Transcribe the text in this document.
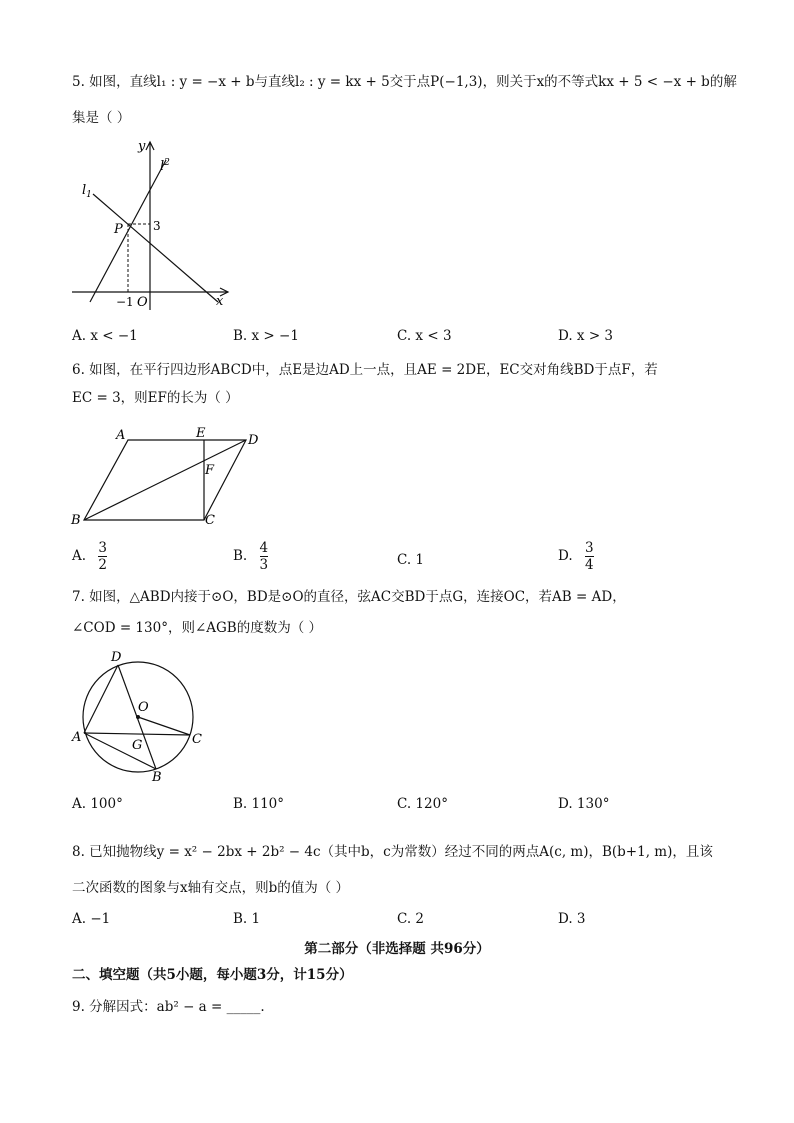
5. 如图，直线l₁ : y = −x + b与直线l₂ : y = kx + 5交于点P(−1,3)，则关于x的不等式kx + 5 < −x + b的解
集是（ ）
$l_1$
$l^2$
y
x
P	3
−1 O
A. x < −1	B. x > −1	C. x < 3	D. x > 3
6. 如图，在平行四边形ABCD中，点E是边AD上一点，且AE = 2DE，EC交对角线BD于点F，若
EC = 3，则EF的长为（ ）
A	E	D
F
B	C
A. $\frac{3}{2}$	B. $\frac{4}{3}$	C. 1	D. $\frac{3}{4}$
7. 如图，△ABD内接于⊙O，BD是⊙O的直径，弦AC交BD于点G，连接OC，若AB = AD，
∠COD = 130°，则∠AGB的度数为（ ）
D
O
A
G	C
B
A. 100°	B. 110°	C. 120°	D. 130°
8. 已知抛物线y = x² − 2bx + 2b² − 4c（其中b，c为常数）经过不同的两点A(c, m)，B(b+1, m)，且该
二次函数的图象与x轴有交点，则b的值为（ ）
A. −1	B. 1	C. 2	D. 3
第二部分（非选择题 共96分）
二、填空题（共5小题，每小题3分，计15分）
9. 分解因式：ab² − a = _____.
